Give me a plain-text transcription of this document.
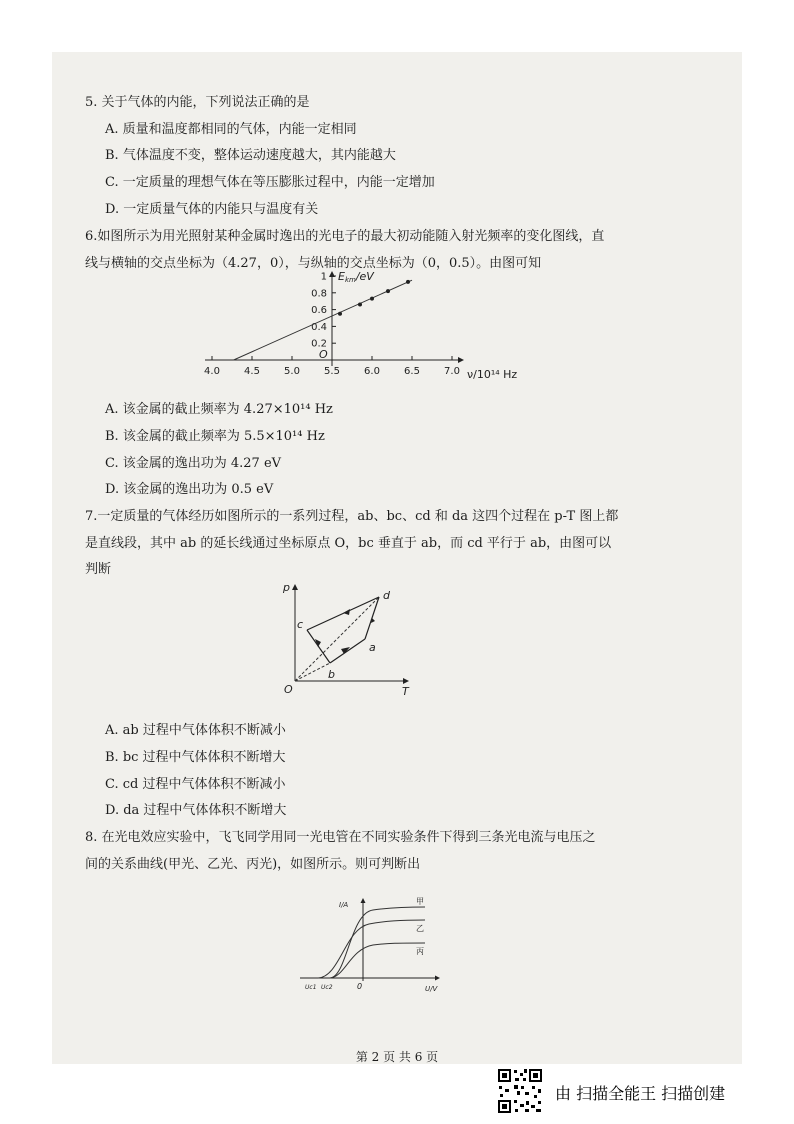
5. 关于气体的内能，下列说法正确的是
A. 质量和温度都相同的气体，内能一定相同
B. 气体温度不变，整体运动速度越大，其内能越大
C. 一定质量的理想气体在等压膨胀过程中，内能一定增加
D. 一定质量气体的内能只与温度有关
6.如图所示为用光照射某种金属时逸出的光电子的最大初动能随入射光频率的变化图线，直
线与横轴的交点坐标为（4.27，0），与纵轴的交点坐标为（0，0.5）。由图可知
4.0 4.5 5.0 5.5 6.0 6.5 7.0
1
0.8
0.6
0.4
0.2
Ekm/eV
O
ν/10¹⁴ Hz
A. 该金属的截止频率为 4.27×10¹⁴ Hz
B. 该金属的截止频率为 5.5×10¹⁴ Hz
C. 该金属的逸出功为 4.27 eV
D. 该金属的逸出功为 0.5 eV
7.一定质量的气体经历如图所示的一系列过程，ab、bc、cd 和 da 这四个过程在 p-T 图上都
是直线段，其中 ab 的延长线通过坐标原点 O，bc 垂直于 ab，而 cd 平行于 ab，由图可以
判断
p
T
O
a
b
c
d
A. ab 过程中气体体积不断减小
B. bc 过程中气体体积不断增大
C. cd 过程中气体体积不断减小
D. da 过程中气体体积不断增大
8. 在光电效应实验中，飞飞同学用同一光电管在不同实验条件下得到三条光电流与电压之
间的关系曲线(甲光、乙光、丙光)，如图所示。则可判断出
I/A
U/V
0
Uc1 Uc2
甲
乙
丙
第 2 页 共 6 页
由 扫描全能王 扫描创建
